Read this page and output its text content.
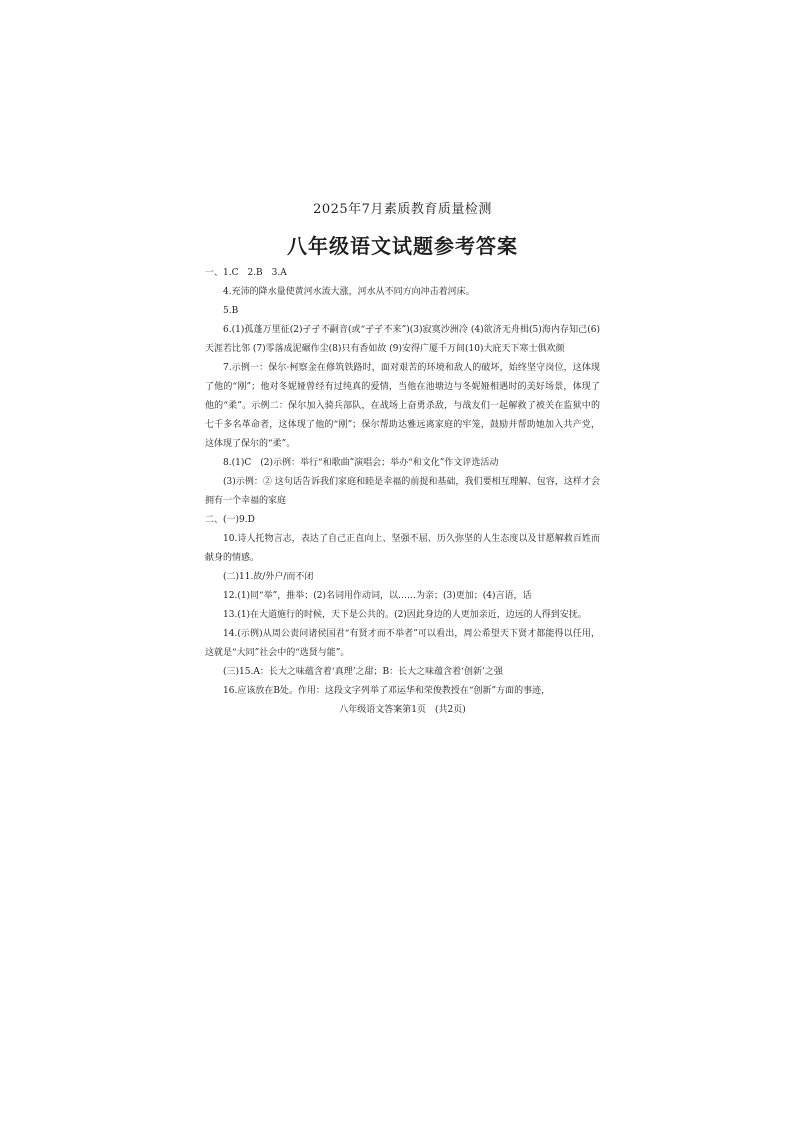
2025年7月素质教育质量检测
八年级语文试题参考答案
一、1.C　2.B　3.A
4.充沛的降水量使黄河水流大涨，河水从不同方向冲击着河床。
5.B
6.(1)孤蓬万里征(2)孑孑不嗣音(或“孑孑不来”)(3)寂寞沙洲冷 (4)欲济无舟楫(5)海内存知己(6)天涯若比邻 (7)零落成泥碾作尘(8)只有香如故 (9)安得广厦千万间(10)大庇天下寒士俱欢颜
7.示例一：保尔·柯察金在修筑铁路时，面对艰苦的环境和敌人的破坏，始终坚守岗位，这体现了他的“刚”；他对冬妮娅曾经有过纯真的爱情，当他在池塘边与冬妮娅相遇时的美好场景，体现了他的“柔”。示例二：保尔加入骑兵部队，在战场上奋勇杀敌，与战友们一起解救了被关在监狱中的七千多名革命者，这体现了他的“刚”；保尔帮助达雅远离家庭的牢笼，鼓励并帮助她加入共产党，这体现了保尔的“柔”。
8.(1)C　(2)示例：举行“和歌曲”演唱会；举办“和文化”作文评选活动
(3)示例：② 这句话告诉我们家庭和睦是幸福的前提和基础，我们要相互理解、包容，这样才会拥有一个幸福的家庭
二、(一)9.D
10.诗人托物言志，表达了自己正直向上、坚强不屈、历久弥坚的人生态度以及甘愿解救百姓而献身的情感。
(二)11.故/外户/而不闭
12.(1)同“举”，推举；(2)名词用作动词，以……为亲；(3)更加；(4)言语，话
13.(1)在大道施行的时候，天下是公共的。(2)因此身边的人更加亲近，边远的人得到安抚。
14.(示例)从周公责问诸侯国君“有贤才而不举者”可以看出，周公希望天下贤才都能得以任用，这就是“大同”社会中的“选贤与能”。
(三)15.A：长大之味蕴含着‘真理’之甜；B：长大之味蕴含着‘创新’之强
16.应该放在B处。作用：这段文字列举了邓运华和荣俊教授在“创新”方面的事迹，
八年级语文答案第1页　(共2页)
